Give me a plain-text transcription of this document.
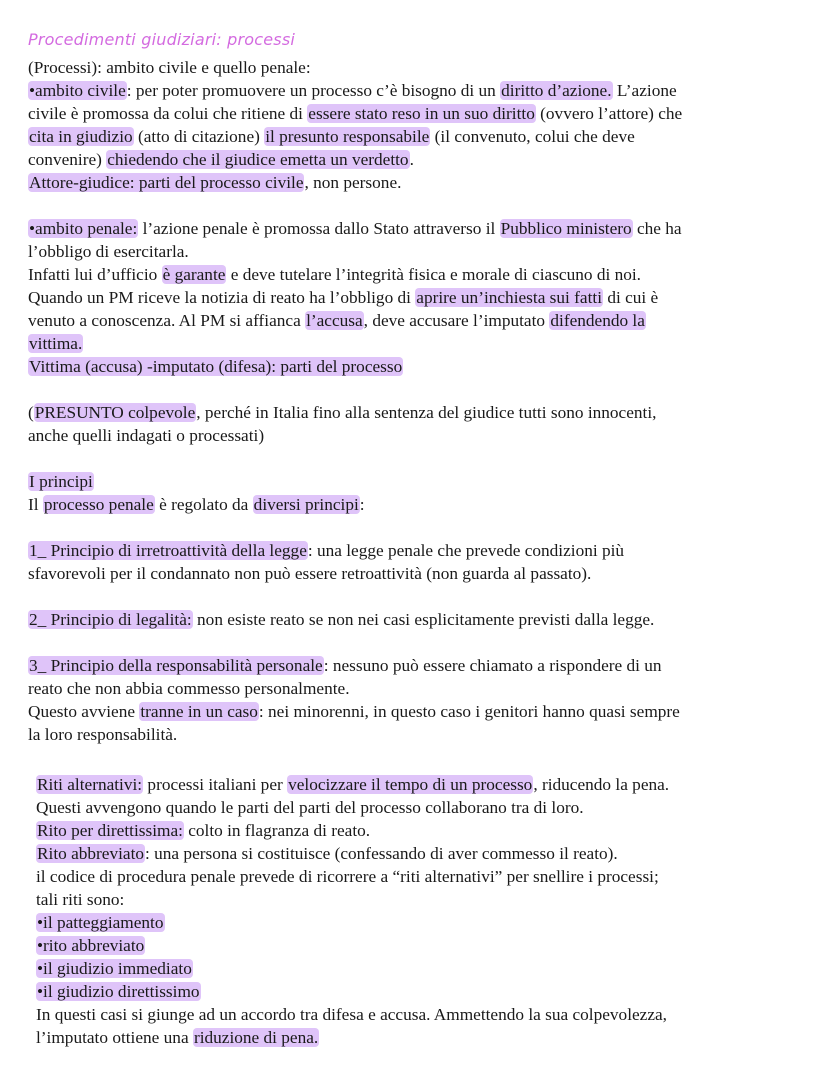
Procedimenti giudiziari: processi
(Processi): ambito civile e quello penale:
•ambito civile: per poter promuovere un processo c’è bisogno di un diritto d’azione. L’azione
civile è promossa da colui che ritiene di essere stato reso in un suo diritto (ovvero l’attore) che
cita in giudizio (atto di citazione) il presunto responsabile (il convenuto, colui che deve
convenire) chiedendo che il giudice emetta un verdetto.
Attore-giudice: parti del processo civile, non persone.
•ambito penale: l’azione penale è promossa dallo Stato attraverso il Pubblico ministero che ha
l’obbligo di esercitarla.
Infatti lui d’ufficio è garante e deve tutelare l’integrità fisica e morale di ciascuno di noi.
Quando un PM riceve la notizia di reato ha l’obbligo di aprire un’inchiesta sui fatti di cui è
venuto a conoscenza. Al PM si affianca l’accusa, deve accusare l’imputato difendendo la
vittima.
Vittima (accusa) -imputato (difesa): parti del processo
(PRESUNTO colpevole, perché in Italia fino alla sentenza del giudice tutti sono innocenti,
anche quelli indagati o processati)
I principi
Il processo penale è regolato da diversi principi:
1_ Principio di irretroattività della legge: una legge penale che prevede condizioni più
sfavorevoli per il condannato non può essere retroattività (non guarda al passato).
2_ Principio di legalità: non esiste reato se non nei casi esplicitamente previsti dalla legge.
3_ Principio della responsabilità personale: nessuno può essere chiamato a rispondere di un
reato che non abbia commesso personalmente.
Questo avviene tranne in un caso: nei minorenni, in questo caso i genitori hanno quasi sempre
la loro responsabilità.
Riti alternativi: processi italiani per velocizzare il tempo di un processo, riducendo la pena.
Questi avvengono quando le parti del parti del processo collaborano tra di loro.
Rito per direttissima: colto in flagranza di reato.
Rito abbreviato: una persona si costituisce (confessando di aver commesso il reato).
il codice di procedura penale prevede di ricorrere a “riti alternativi” per snellire i processi;
tali riti sono:
•il patteggiamento
•rito abbreviato
•il giudizio immediato
•il giudizio direttissimo
In questi casi si giunge ad un accordo tra difesa e accusa. Ammettendo la sua colpevolezza,
l’imputato ottiene una riduzione di pena.
